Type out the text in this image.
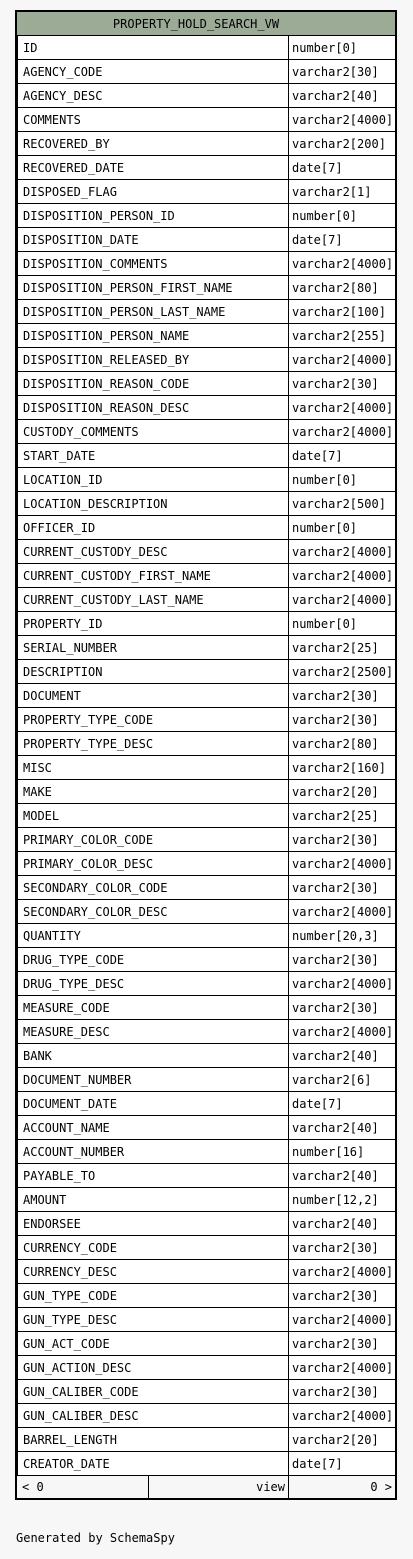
PROPERTY_HOLD_SEARCH_VW
ID	number[0]
AGENCY_CODE	varchar2[30]
AGENCY_DESC	varchar2[40]
COMMENTS	varchar2[4000]
RECOVERED_BY	varchar2[200]
RECOVERED_DATE	date[7]
DISPOSED_FLAG	varchar2[1]
DISPOSITION_PERSON_ID	number[0]
DISPOSITION_DATE	date[7]
DISPOSITION_COMMENTS	varchar2[4000]
DISPOSITION_PERSON_FIRST_NAME	varchar2[80]
DISPOSITION_PERSON_LAST_NAME	varchar2[100]
DISPOSITION_PERSON_NAME	varchar2[255]
DISPOSITION_RELEASED_BY	varchar2[4000]
DISPOSITION_REASON_CODE	varchar2[30]
DISPOSITION_REASON_DESC	varchar2[4000]
CUSTODY_COMMENTS	varchar2[4000]
START_DATE	date[7]
LOCATION_ID	number[0]
LOCATION_DESCRIPTION	varchar2[500]
OFFICER_ID	number[0]
CURRENT_CUSTODY_DESC	varchar2[4000]
CURRENT_CUSTODY_FIRST_NAME	varchar2[4000]
CURRENT_CUSTODY_LAST_NAME	varchar2[4000]
PROPERTY_ID	number[0]
SERIAL_NUMBER	varchar2[25]
DESCRIPTION	varchar2[2500]
DOCUMENT	varchar2[30]
PROPERTY_TYPE_CODE	varchar2[30]
PROPERTY_TYPE_DESC	varchar2[80]
MISC	varchar2[160]
MAKE	varchar2[20]
MODEL	varchar2[25]
PRIMARY_COLOR_CODE	varchar2[30]
PRIMARY_COLOR_DESC	varchar2[4000]
SECONDARY_COLOR_CODE	varchar2[30]
SECONDARY_COLOR_DESC	varchar2[4000]
QUANTITY	number[20,3]
DRUG_TYPE_CODE	varchar2[30]
DRUG_TYPE_DESC	varchar2[4000]
MEASURE_CODE	varchar2[30]
MEASURE_DESC	varchar2[4000]
BANK	varchar2[40]
DOCUMENT_NUMBER	varchar2[6]
DOCUMENT_DATE	date[7]
ACCOUNT_NAME	varchar2[40]
ACCOUNT_NUMBER	number[16]
PAYABLE_TO	varchar2[40]
AMOUNT	number[12,2]
ENDORSEE	varchar2[40]
CURRENCY_CODE	varchar2[30]
CURRENCY_DESC	varchar2[4000]
GUN_TYPE_CODE	varchar2[30]
GUN_TYPE_DESC	varchar2[4000]
GUN_ACT_CODE	varchar2[30]
GUN_ACTION_DESC	varchar2[4000]
GUN_CALIBER_CODE	varchar2[30]
GUN_CALIBER_DESC	varchar2[4000]
BARREL_LENGTH	varchar2[20]
CREATOR_DATE	date[7]
< 0	view	0 >
Generated by SchemaSpy
